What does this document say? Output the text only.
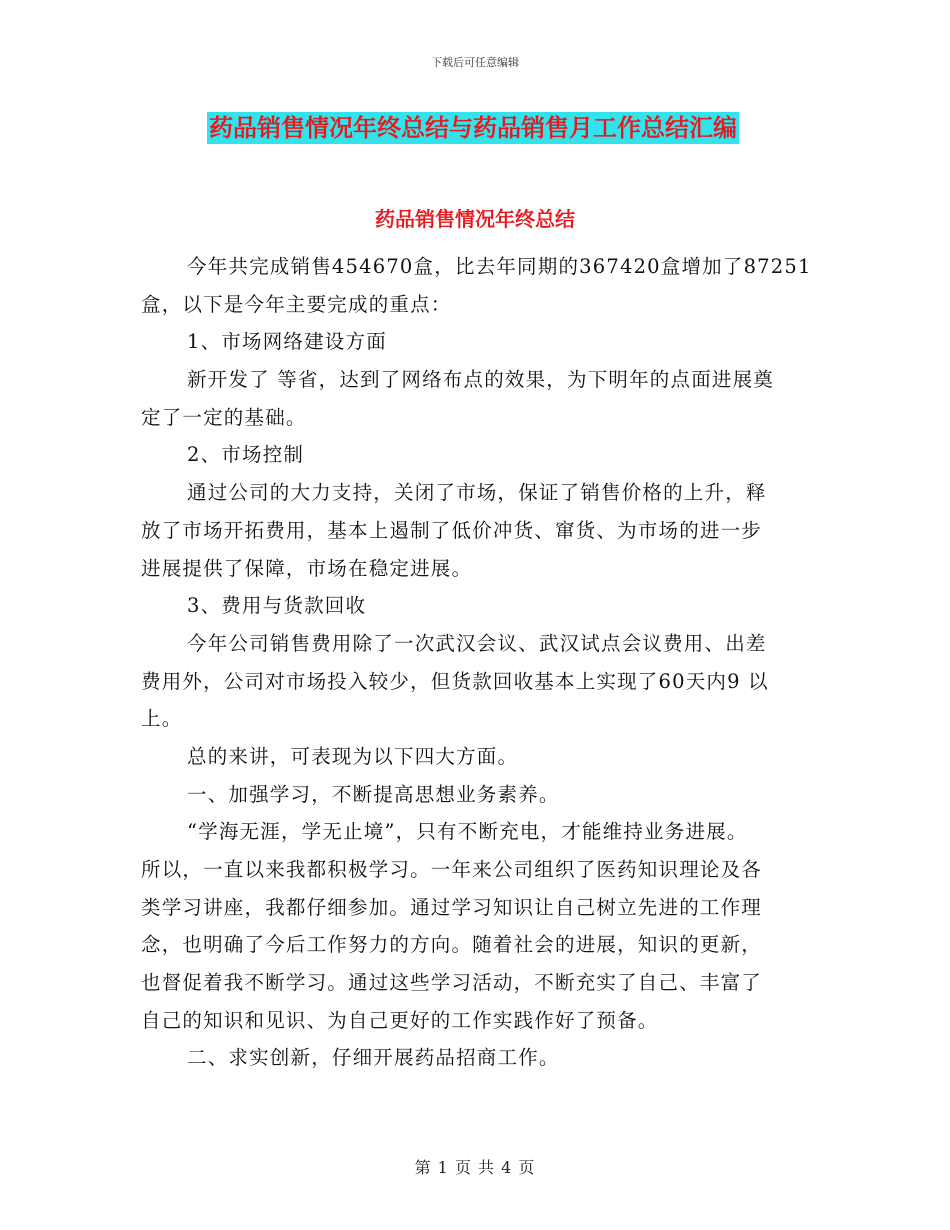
下载后可任意编辑
药品销售情况年终总结与药品销售月工作总结汇编
药品销售情况年终总结
今年共完成销售454670盒，比去年同期的367420盒增加了87251
盒，以下是今年主要完成的重点：
1、市场网络建设方面
新开发了 等省，达到了网络布点的效果，为下明年的点面进展奠
定了一定的基础。
2、市场控制
通过公司的大力支持，关闭了市场，保证了销售价格的上升，释
放了市场开拓费用，基本上遏制了低价冲货、窜货、为市场的进一步
进展提供了保障，市场在稳定进展。
3、费用与货款回收
今年公司销售费用除了一次武汉会议、武汉试点会议费用、出差
费用外，公司对市场投入较少，但货款回收基本上实现了60天内9 以
上。
总的来讲，可表现为以下四大方面。
一、加强学习，不断提高思想业务素养。
“学海无涯，学无止境”，只有不断充电，才能维持业务进展。
所以，一直以来我都积极学习。一年来公司组织了医药知识理论及各
类学习讲座，我都仔细参加。通过学习知识让自己树立先进的工作理
念，也明确了今后工作努力的方向。随着社会的进展，知识的更新，
也督促着我不断学习。通过这些学习活动，不断充实了自己、丰富了
自己的知识和见识、为自己更好的工作实践作好了预备。
二、求实创新，仔细开展药品招商工作。
第 1 页 共 4 页
